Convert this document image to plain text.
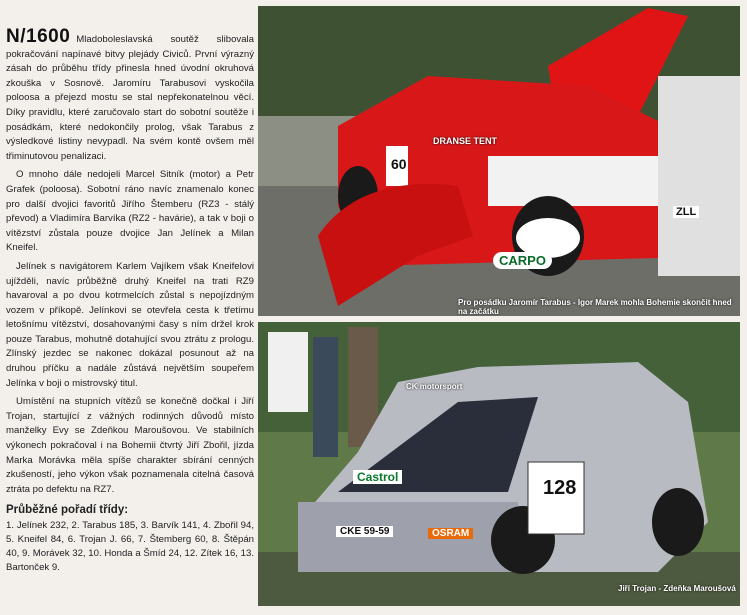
N/1600 Mladoboleslavská soutěž slibovala pokračování napínavé bitvy plejády Civiců. První výrazný zásah do průběhu třídy přinesla hned úvodní okruhová zkouška v Sosnově. Jaromíru Tarabusovi vyskočila poloosa a přejezd mostu se stal nepřekonatelnou věcí. Díky pravidlu, které zaručovalo start do sobotní soutěže i posádkám, které nedokončily prolog, však Tarabus z výsledkové listiny nevypadl. Na svém kontě ovšem měl třiminutovou penalizaci.

O mnoho dále nedojeli Marcel Sitník (motor) a Petr Grafek (poloosa). Sobotní ráno navíc znamenalo konec pro další dvojici favoritů Jiřího Štemberu (RZ3 - stálý převod) a Vladimíra Barvíka (RZ2 - havárie), a tak v boji o vítězství zůstala pouze dvojice Jan Jelínek a Milan Kneifel.

Jelínek s navigátorem Karlem Vajíkem však Kneifelovi ujížděli, navíc průběžně druhý Kneifel na trati RZ9 havaroval a po dvou kotrmelcích zůstal s nepojízdným vozem v příkopě. Jelínkovi se otevřela cesta k třetímu letošnímu vítězství, dosahovanými časy s ním držel krok pouze Tarabus, mohutně dotahující svou ztrátu z prologu. Zlínský jezdec se nakonec dokázal posunout až na druhou příčku a nadále zůstává největším soupeřem Jelínka v boji o mistrovský titul.

Umístění na stupních vítězů se konečně dočkal i Jiří Trojan, startující z vážných rodinných důvodů místo manželky Evy se Zdeňkou Maroušovou. Ve stabilních výkonech pokračoval i na Bohemii čtvrtý Jiří Zbořil, jízda Marka Morávka měla spíše charakter sbírání cenných zkušeností, jeho výkon však poznamenala citelná časová ztráta po defektu na RZ7.

Průběžné pořadí třídy:
1. Jelínek 232, 2. Tarabus 185, 3. Barvík 141, 4. Zbořil 94, 5. Kneifel 84, 6. Trojan J. 66, 7. Štemberg 60, 8. Štěpán 40, 9. Morávek 32, 10. Honda a Šmíd 24, 12. Zítek 16, 13. Bartonček 9.
CARPO
ZLL
60
DRANSE TENT
Pro posádku Jaromír Tarabus - Igor Marek mohla Bohemie skončit hned na začátku
CK motorsport
128
Castrol
CKE 59-59	OSRAM
Jiří Trojan - Zdeňka Maroušová
